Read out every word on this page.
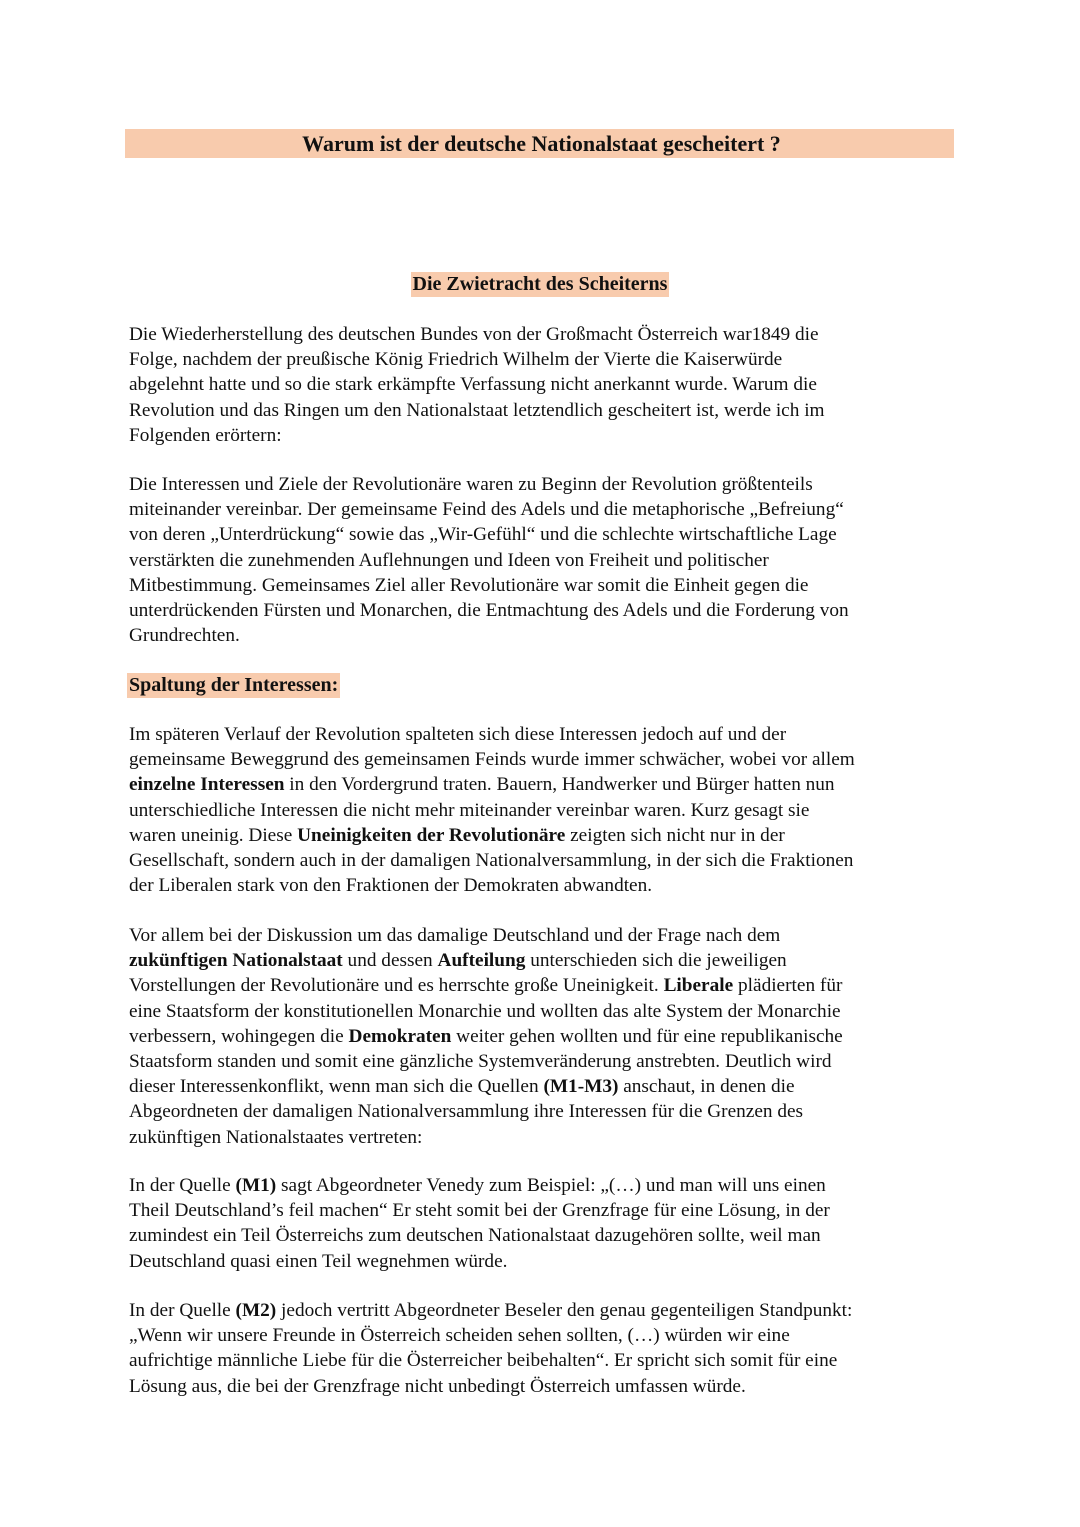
Warum ist der deutsche Nationalstaat gescheitert ?
Die Zwietracht des Scheiterns

Die Wiederherstellung des deutschen Bundes von der Großmacht Österreich war1849 die
Folge, nachdem der preußische König Friedrich Wilhelm der Vierte die Kaiserwürde
abgelehnt hatte und so die stark erkämpfte Verfassung nicht anerkannt wurde. Warum die
Revolution und das Ringen um den Nationalstaat letztendlich gescheitert ist, werde ich im
Folgenden erörtern:

Die Interessen und Ziele der Revolutionäre waren zu Beginn der Revolution größtenteils
miteinander vereinbar. Der gemeinsame Feind des Adels und die metaphorische „Befreiung“
von deren „Unterdrückung“ sowie das „Wir-Gefühl“ und die schlechte wirtschaftliche Lage
verstärkten die zunehmenden Auflehnungen und Ideen von Freiheit und politischer
Mitbestimmung. Gemeinsames Ziel aller Revolutionäre war somit die Einheit gegen die
unterdrückenden Fürsten und Monarchen, die Entmachtung des Adels und die Forderung von
Grundrechten.

Spaltung der Interessen:

Im späteren Verlauf der Revolution spalteten sich diese Interessen jedoch auf und der
gemeinsame Beweggrund des gemeinsamen Feinds wurde immer schwächer, wobei vor allem
einzelne Interessen in den Vordergrund traten. Bauern, Handwerker und Bürger hatten nun
unterschiedliche Interessen die nicht mehr miteinander vereinbar waren. Kurz gesagt sie
waren uneinig. Diese Uneinigkeiten der Revolutionäre zeigten sich nicht nur in der
Gesellschaft, sondern auch in der damaligen Nationalversammlung, in der sich die Fraktionen
der Liberalen stark von den Fraktionen der Demokraten abwandten.

Vor allem bei der Diskussion um das damalige Deutschland und der Frage nach dem
zukünftigen Nationalstaat und dessen Aufteilung unterschieden sich die jeweiligen
Vorstellungen der Revolutionäre und es herrschte große Uneinigkeit. Liberale plädierten für
eine Staatsform der konstitutionellen Monarchie und wollten das alte System der Monarchie
verbessern, wohingegen die Demokraten weiter gehen wollten und für eine republikanische
Staatsform standen und somit eine gänzliche Systemveränderung anstrebten. Deutlich wird
dieser Interessenkonflikt, wenn man sich die Quellen (M1-M3) anschaut, in denen die
Abgeordneten der damaligen Nationalversammlung ihre Interessen für die Grenzen des
zukünftigen Nationalstaates vertreten:

In der Quelle (M1) sagt Abgeordneter Venedy zum Beispiel: „(…) und man will uns einen
Theil Deutschland’s feil machen“ Er steht somit bei der Grenzfrage für eine Lösung, in der
zumindest ein Teil Österreichs zum deutschen Nationalstaat dazugehören sollte, weil man
Deutschland quasi einen Teil wegnehmen würde.

In der Quelle (M2) jedoch vertritt Abgeordneter Beseler den genau gegenteiligen Standpunkt:
„Wenn wir unsere Freunde in Österreich scheiden sehen sollten, (…) würden wir eine
aufrichtige männliche Liebe für die Österreicher beibehalten“. Er spricht sich somit für eine
Lösung aus, die bei der Grenzfrage nicht unbedingt Österreich umfassen würde.
